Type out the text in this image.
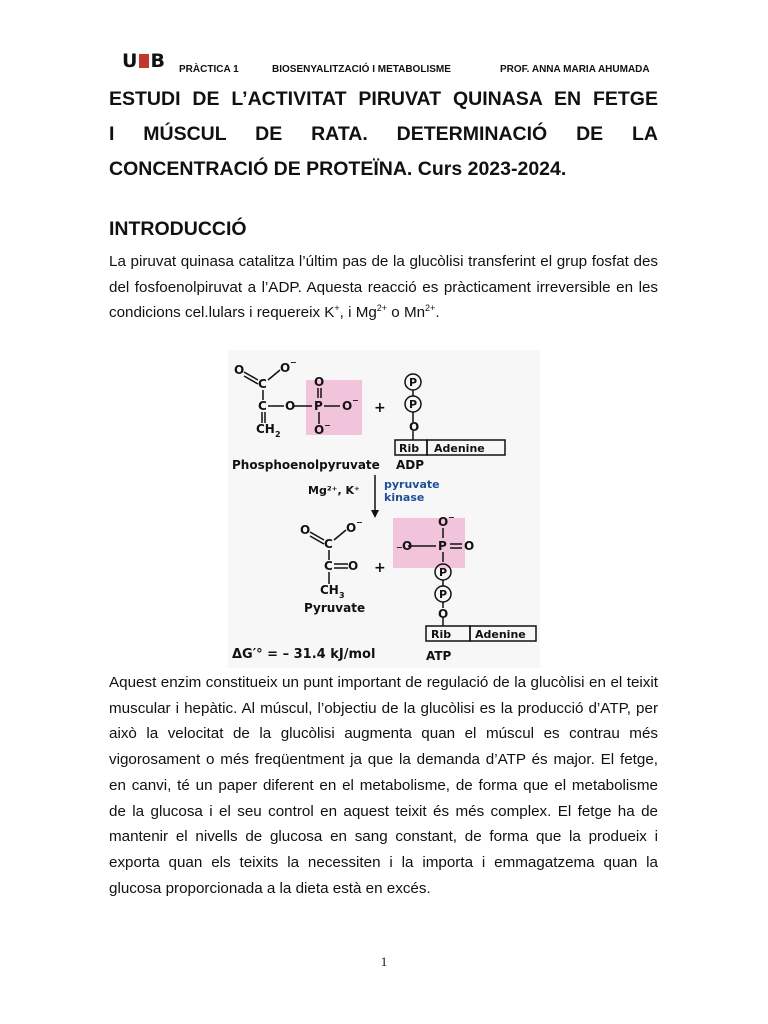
U B PRÀCTICA 1	BIOSENYALITZACIÓ I METABOLISME	PROF. ANNA MARIA AHUMADA
ESTUDI DE L’ACTIVITAT PIRUVAT QUINASA EN FETGE
I MÚSCUL DE RATA. DETERMINACIÓ DE LA
CONCENTRACIÓ DE PROTEÏNA. Curs 2023-2024.
INTRODUCCIÓ

La piruvat quinasa catalitza l’últim pas de la glucòlisi transferint el grup fosfat des del fosfoenolpiruvat a l’ADP. Aquesta reacció es pràcticament irreversible en les condicions cel.lulars i requereix K+, i $Mg^{2+}$ o $Mn^{2+}$.

O	O −
C
C O P O −
O
O −
CH 2
+
P
P
O
Rib Adenine
Phosphoenolpyruvate ADP
Mg²⁺, K⁺ pyruvate
kinase
O	O −
C
C O
CH 3
+
Pyruvate
O −
− O P O
P
P
O
Rib Adenine
ΔG′° = – 31.4 kJ/mol	ATP

Aquest enzim constitueix un punt important de regulació de la glucòlisi en el teixit muscular i hepàtic. Al múscul, l’objectiu de la glucòlisi es la producció d’ATP, per això la velocitat de la glucòlisi augmenta quan el múscul es contrau més vigorosament o més freqüentment ja que la demanda d’ATP és major. El fetge, en canvi, té un paper diferent en el metabolisme, de forma que el metabolisme de la glucosa i el seu control en aquest teixit és més complex. El fetge ha de mantenir el nivells de glucosa en sang constant, de forma que la produeix i exporta quan els teixits la necessiten i la importa i emmagatzema quan la glucosa proporcionada a la dieta està en excés.

1
